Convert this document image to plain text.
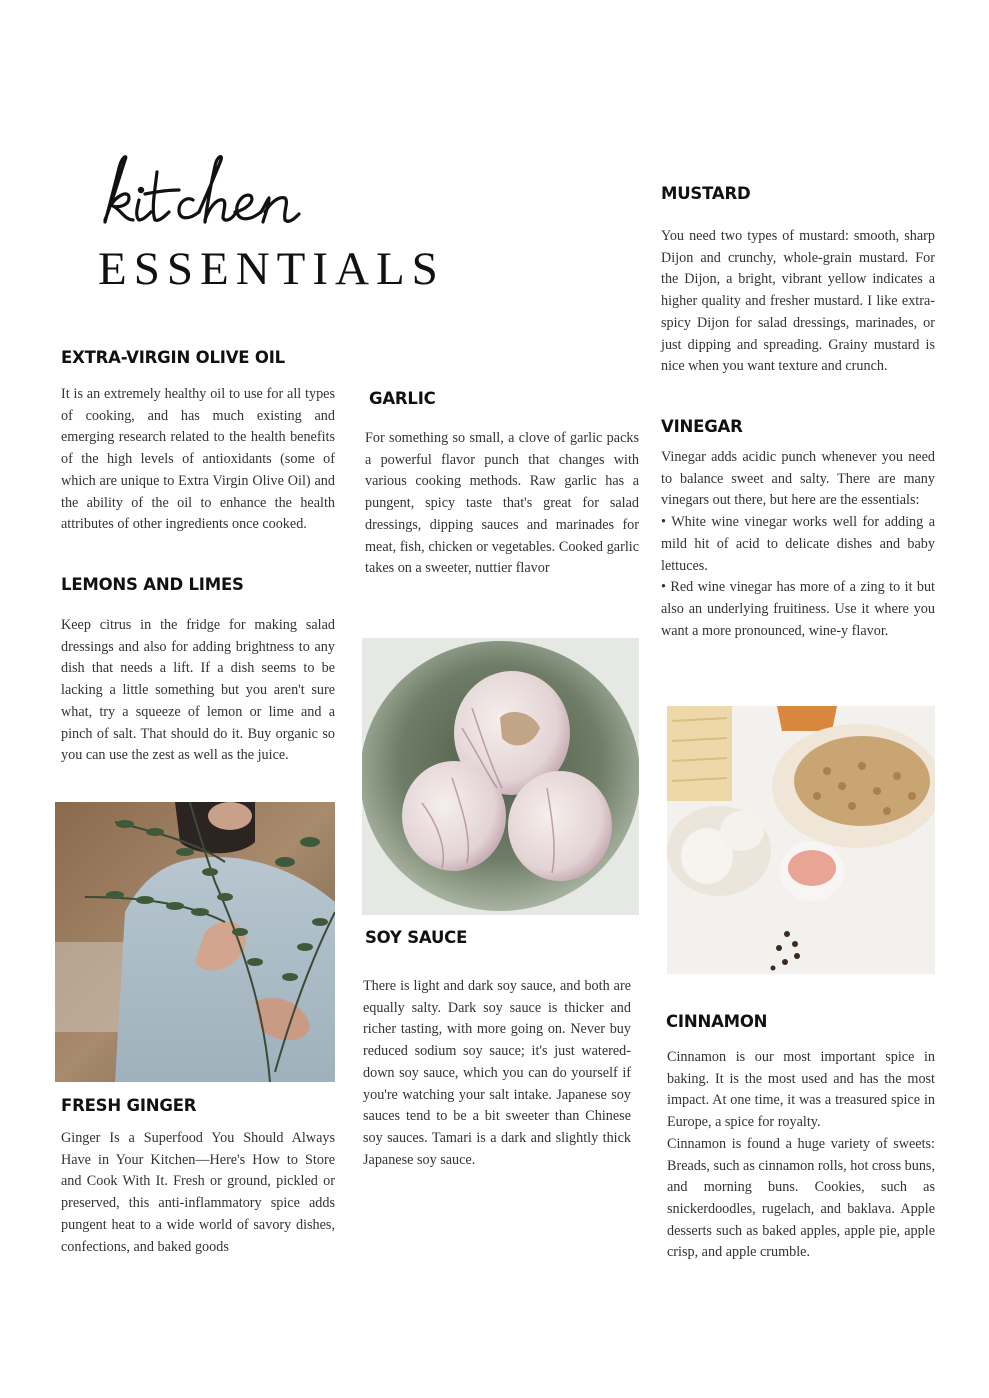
ESSENTIALS
EXTRA-VIRGIN OLIVE OIL

It is an extremely healthy oil to use for all types of cooking, and has much existing and emerging research related to the health benefits of the high levels of antioxidants (some of which are unique to Extra Virgin Olive Oil) and the ability of the oil to enhance the health attributes of other ingredients once cooked.

LEMONS AND LIMES

Keep citrus in the fridge for making salad dressings and also for adding brightness to any dish that needs a lift. If a dish seems to be lacking a little something but you aren't sure what, try a squeeze of lemon or lime and a pinch of salt. That should do it. Buy organic so you can use the zest as well as the juice.

FRESH GINGER

Ginger Is a Superfood You Should Always Have in Your Kitchen—Here's How to Store and Cook With It. Fresh or ground, pickled or preserved, this anti-inflammatory spice adds pungent heat to a wide world of savory dishes, confections, and baked goods

GARLIC

For something so small, a clove of garlic packs a powerful flavor punch that changes with various cooking methods. Raw garlic has a pungent, spicy taste that's great for salad dressings, dipping sauces and marinades for meat, fish, chicken or vegetables. Cooked garlic takes on a sweeter, nuttier flavor

SOY SAUCE

There is light and dark soy sauce, and both are equally salty. Dark soy sauce is thicker and richer tasting, with more going on. Never buy reduced sodium soy sauce; it's just watered-down soy sauce, which you can do yourself if you're watching your salt intake. Japanese soy sauces tend to be a bit sweeter than Chinese soy sauces. Tamari is a dark and slightly thick Japanese soy sauce.

MUSTARD

You need two types of mustard: smooth, sharp Dijon and crunchy, whole-grain mustard. For the Dijon, a bright, vibrant yellow indicates a higher quality and fresher mustard. I like extra-spicy Dijon for salad dressings, marinades, or just dipping and spreading. Grainy mustard is nice when you want texture and crunch.

VINEGAR

Vinegar adds acidic punch whenever you need to balance sweet and salty. There are many vinegars out there, but here are the essentials:

• White wine vinegar works well for adding a mild hit of acid to delicate dishes and baby lettuces.

• Red wine vinegar has more of a zing to it but also an underlying fruitiness. Use it where you want a more pronounced, wine-y flavor.

CINNAMON

Cinnamon is our most important spice in baking. It is the most used and has the most impact. At one time, it was a treasured spice in Europe, a spice for royalty.

Cinnamon is found a huge variety of sweets: Breads, such as cinnamon rolls, hot cross buns, and morning buns. Cookies, such as snickerdoodles, rugelach, and baklava. Apple desserts such as baked apples, apple pie, apple crisp, and apple crumble.
